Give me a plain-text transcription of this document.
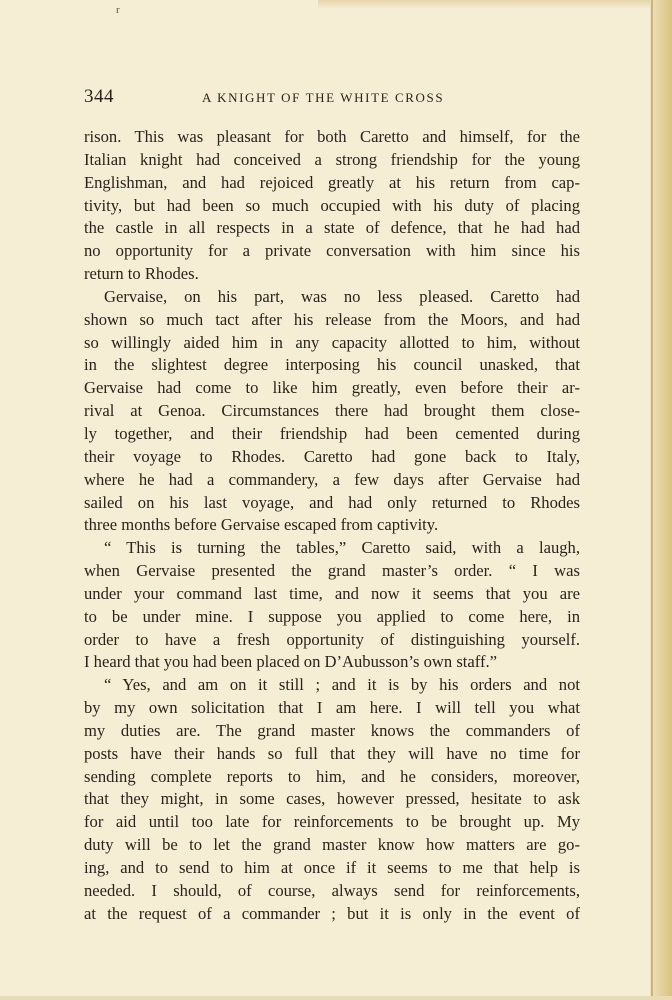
r
344	A KNIGHT OF THE WHITE CROSS
rison. This was pleasant for both Caretto and himself, for the
Italian knight had conceived a strong friendship for the young
Englishman, and had rejoiced greatly at his return from cap-
tivity, but had been so much occupied with his duty of placing
the castle in all respects in a state of defence, that he had had
no opportunity for a private conversation with him since his
return to Rhodes.
Gervaise, on his part, was no less pleased. Caretto had
shown so much tact after his release from the Moors, and had
so willingly aided him in any capacity allotted to him, without
in the slightest degree interposing his council unasked, that
Gervaise had come to like him greatly, even before their ar-
rival at Genoa. Circumstances there had brought them close-
ly together, and their friendship had been cemented during
their voyage to Rhodes. Caretto had gone back to Italy,
where he had a commandery, a few days after Gervaise had
sailed on his last voyage, and had only returned to Rhodes
three months before Gervaise escaped from captivity.
“ This is turning the tables,” Caretto said, with a laugh,
when Gervaise presented the grand master’s order. “ I was
under your command last time, and now it seems that you are
to be under mine. I suppose you applied to come here, in
order to have a fresh opportunity of distinguishing yourself.
I heard that you had been placed on D’Aubusson’s own staff.”
“ Yes, and am on it still ; and it is by his orders and not
by my own solicitation that I am here. I will tell you what
my duties are. The grand master knows the commanders of
posts have their hands so full that they will have no time for
sending complete reports to him, and he considers, moreover,
that they might, in some cases, however pressed, hesitate to ask
for aid until too late for reinforcements to be brought up. My
duty will be to let the grand master know how matters are go-
ing, and to send to him at once if it seems to me that help is
needed. I should, of course, always send for reinforcements,
at the request of a commander ; but it is only in the event of
